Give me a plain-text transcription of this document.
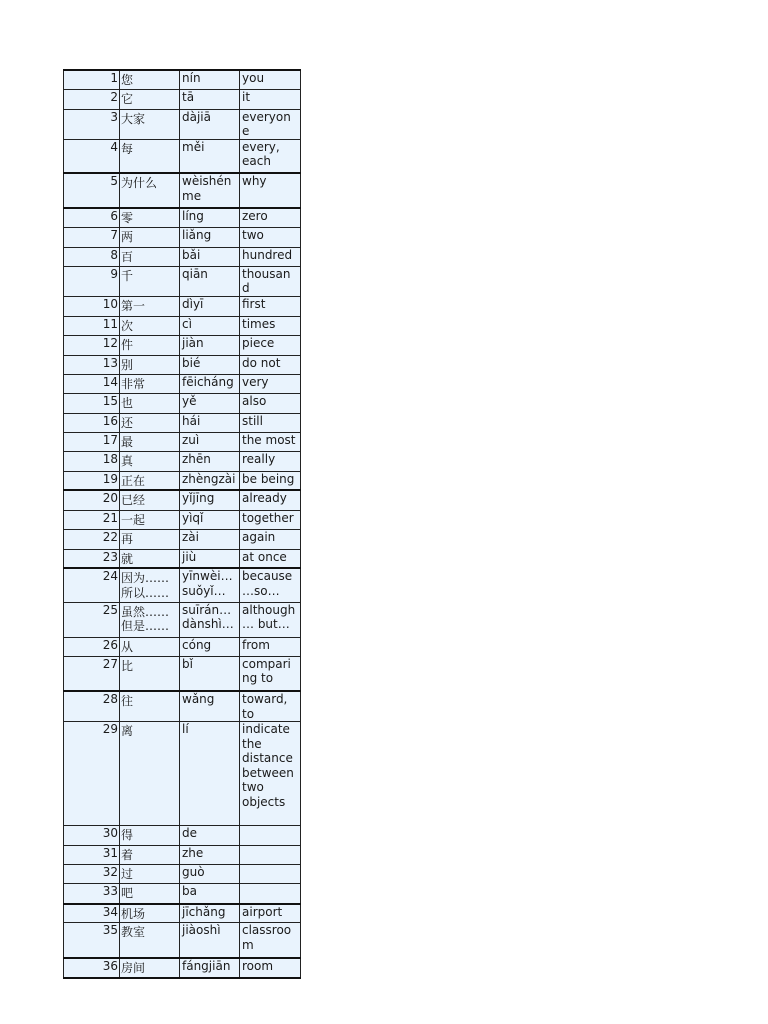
1	您	nín	you
2	它	tā	it
3	大家	dàjiā	everyone
4	每	měi	every, each
5	为什么	wèishénme	why
6	零	líng	zero
7	两	liǎng	two
8	百	bǎi	hundred
9	千	qiān	thousand
10	第一	dìyī	first
11	次	cì	times
12	件	jiàn	piece
13	别	bié	do not
14	非常	fēicháng	very
15	也	yě	also
16	还	hái	still
17	最	zuì	the most
18	真	zhēn	really
19	正在	zhèngzài	be being
20	已经	yǐjīng	already
21	一起	yìqǐ	together
22	再	zài	again
23	就	jiù	at once
24	因为……所以……	yīnwèi… suǒyǐ…	because …so…
25	虽然……但是……	suīrán… dànshì…	although … but…
26	从	cóng	from
27	比	bǐ	comparing to
28	往	wǎng	toward, to
29	离	lí	indicate the distance between two objects
30	得	de	
31	着	zhe	
32	过	guò	
33	吧	ba	
34	机场	jīchǎng	airport
35	教室	jiàoshì	classroom
36	房间	fángjiān	room
